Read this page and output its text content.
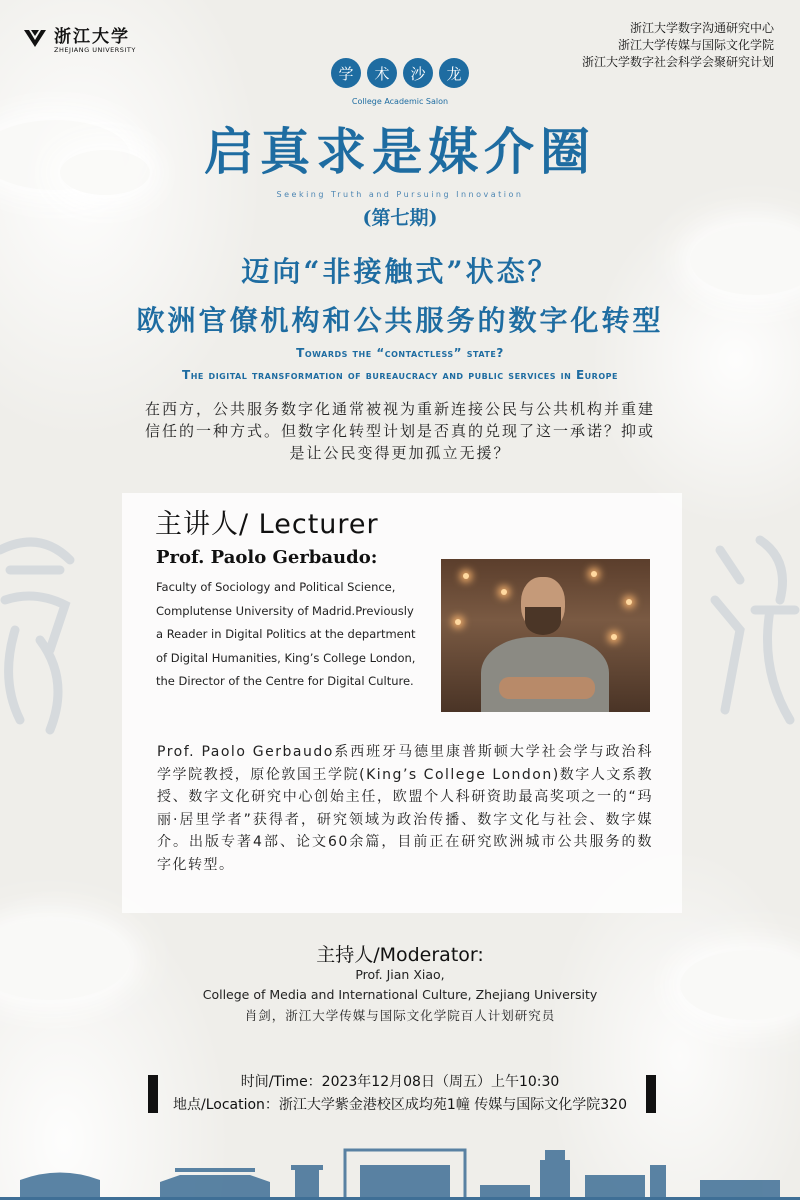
浙江大学
ZHEJIANG UNIVERSITY
浙江大学数字沟通研究中心
浙江大学传媒与国际文化学院
浙江大学数字社会科学会聚研究计划
学	术	沙	龙
College Academic Salon
启真求是媒介圈
Seeking Truth and Pursuing Innovation
(第七期)
迈向“非接触式”状态？
欧洲官僚机构和公共服务的数字化转型
Towards the “contactless” state?
The digital transformation of bureaucracy and public services in Europe
在西方，公共服务数字化通常被视为重新连接公民与公共机构并重建信任的一种方式。但数字化转型计划是否真的兑现了这一承诺？抑或是让公民变得更加孤立无援？
主讲人/ Lecturer
Prof. Paolo Gerbaudo:
Faculty of Sociology and Political Science, Complutense University of Madrid.Previously a Reader in Digital Politics at the department of Digital Humanities, King’s College London, the Director of the Centre for Digital Culture.
Prof. Paolo Gerbaudo系西班牙马德里康普斯顿大学社会学与政治科学学院教授，原伦敦国王学院(King’s College London)数字人文系教授、数字文化研究中心创始主任，欧盟个人科研资助最高奖项之一的“玛丽·居里学者”获得者，研究领域为政治传播、数字文化与社会、数字媒介。出版专著4部、论文60余篇，目前正在研究欧洲城市公共服务的数字化转型。
主持人/Moderator:
Prof. Jian Xiao,
College of Media and International Culture, Zhejiang University
肖剑，浙江大学传媒与国际文化学院百人计划研究员
时间/Time：2023年12月08日（周五）上午10:30
地点/Location：浙江大学紫金港校区成均苑1幢 传媒与国际文化学院320
